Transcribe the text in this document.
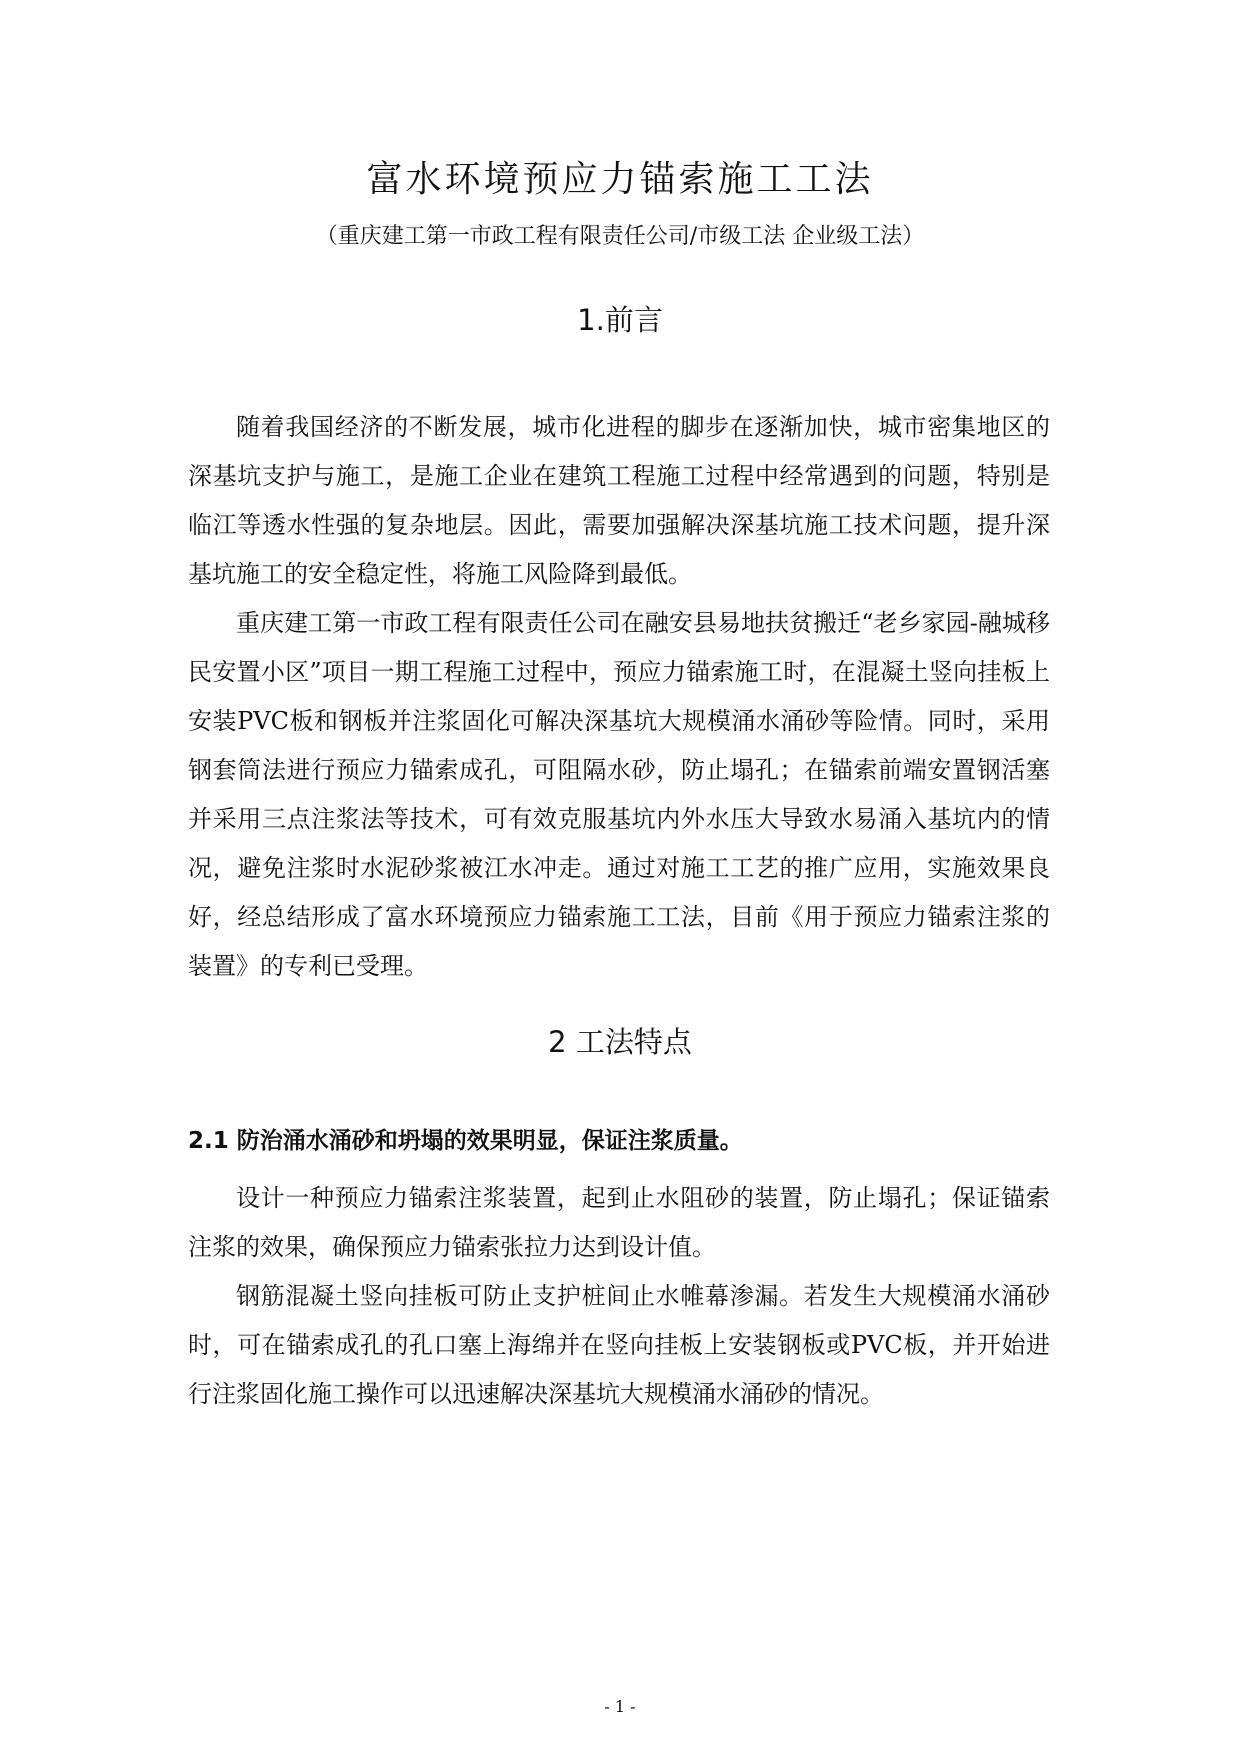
富水环境预应力锚索施工工法
（重庆建工第一市政工程有限责任公司/市级工法 企业级工法）
1.前言

随着我国经济的不断发展，城市化进程的脚步在逐渐加快，城市密集地区的深基坑支护与施工，是施工企业在建筑工程施工过程中经常遇到的问题，特别是临江等透水性强的复杂地层。因此，需要加强解决深基坑施工技术问题，提升深基坑施工的安全稳定性，将施工风险降到最低。

重庆建工第一市政工程有限责任公司在融安县易地扶贫搬迁“老乡家园-融城移民安置小区”项目一期工程施工过程中，预应力锚索施工时，在混凝土竖向挂板上安装PVC板和钢板并注浆固化可解决深基坑大规模涌水涌砂等险情。同时，采用钢套筒法进行预应力锚索成孔，可阻隔水砂，防止塌孔；在锚索前端安置钢活塞并采用三点注浆法等技术，可有效克服基坑内外水压大导致水易涌入基坑内的情况，避免注浆时水泥砂浆被江水冲走。通过对施工工艺的推广应用，实施效果良好，经总结形成了富水环境预应力锚索施工工法，目前《用于预应力锚索注浆的装置》的专利已受理。

2 工法特点
2.1 防治涌水涌砂和坍塌的效果明显，保证注浆质量。

设计一种预应力锚索注浆装置，起到止水阻砂的装置，防止塌孔；保证锚索注浆的效果，确保预应力锚索张拉力达到设计值。

钢筋混凝土竖向挂板可防止支护桩间止水帷幕渗漏。若发生大规模涌水涌砂时，可在锚索成孔的孔口塞上海绵并在竖向挂板上安装钢板或PVC板，并开始进行注浆固化施工操作可以迅速解决深基坑大规模涌水涌砂的情况。

- 1 -
